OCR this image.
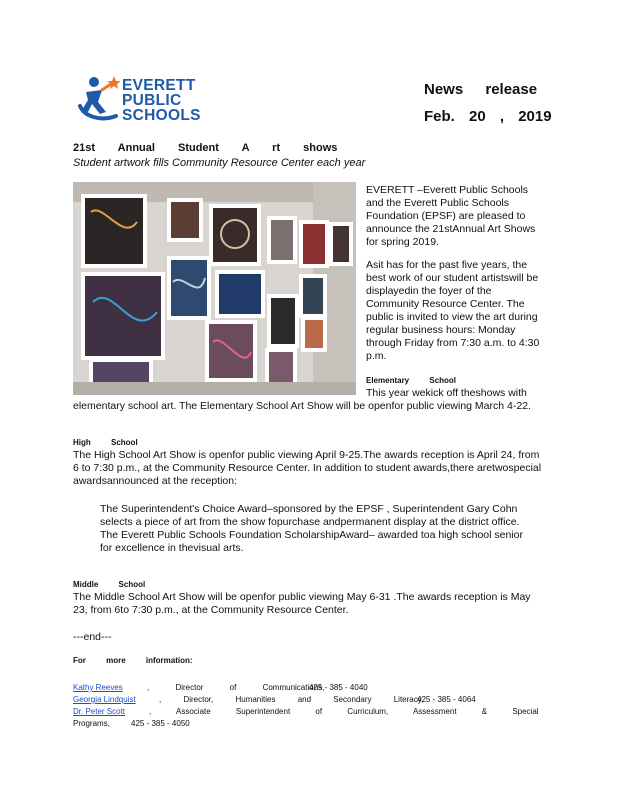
EVERETT
PUBLIC
SCHOOLS
News release
Feb. 20 , 2019
21st Annual Student A rt shows
Student artwork fills Community Resource Center each year
EVERETT –Everett Public Schools and the Everett Public Schools Foundation (EPSF) are pleased to announce the 21stAnnual Art Shows for spring 2019.
Asit has for the past five years, the best work of our student artistswill be displayedin the foyer of the Community Resource Center. The public is invited to view the art during regular business hours: Monday through Friday from 7:30 a.m. to 4:30 p.m.
Elementary School
This year wekick off theshows with
elementary school art. The Elementary School Art Show will be openfor public viewing March 4-22.
High School
The High School Art Show is openfor public viewing April 9-25.The awards reception is April 24, from 6 to 7:30 p.m., at the Community Resource Center. In addition to student awards,there aretwospecial awardsannounced at the reception:
The Superintendent's Choice Award–sponsored by the EPSF , Superintendent Gary Cohn selects a piece of art from the show fopurchase andpermanent display at the district office.
The Everett Public Schools Foundation ScholarshipAward– awarded toa high school senior for excellence in thevisual arts.
Middle School
The Middle School Art Show will be openfor public viewing May 6-31 .The awards reception is May 23, from 6to 7:30 p.m., at the Community Resource Center.
---end---
For more information:
Kathy Reeves	, Director of Communications,
425 - 385 - 4040
Georgia Lindquist	, Director, Humanities and Secondary Literacy,
425 - 385 - 4064
Dr. Peter Scott	, Associate Superintendent of Curriculum, Assessment & Special
Programs,	425 - 385 - 4050
